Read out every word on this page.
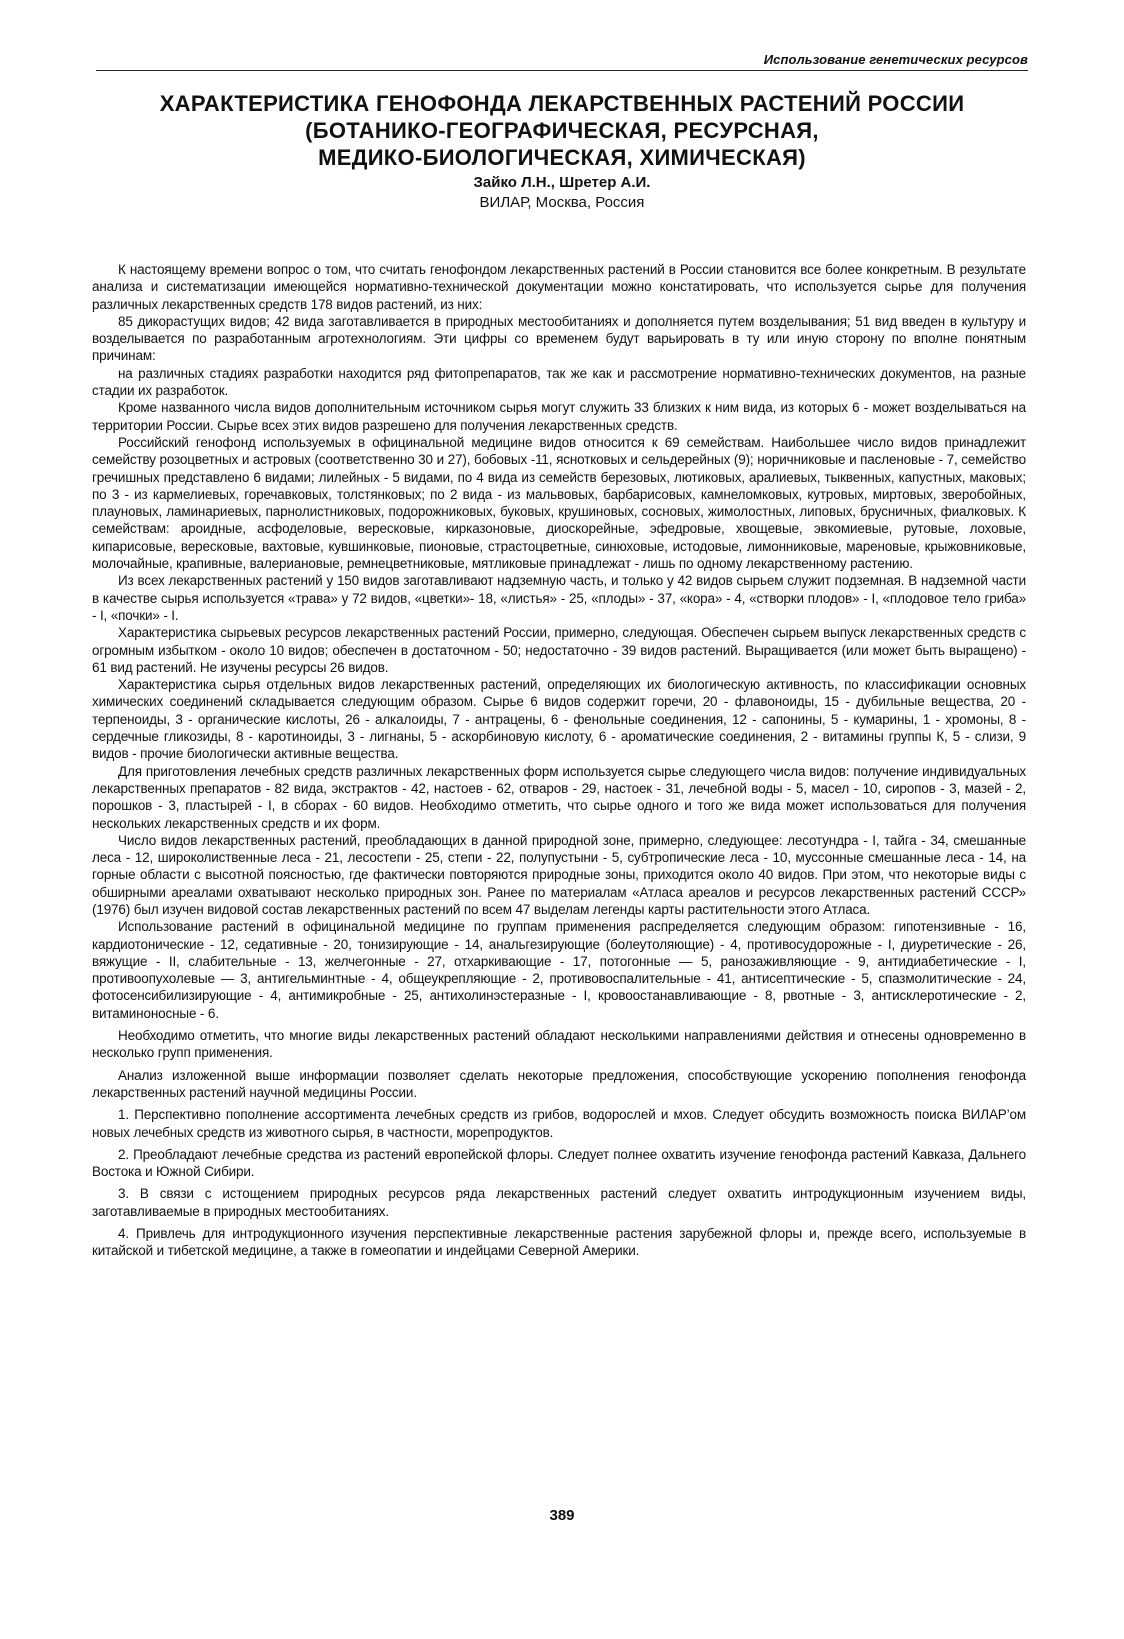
Использование генетических ресурсов
ХАРАКТЕРИСТИКА ГЕНОФОНДА ЛЕКАРСТВЕННЫХ РАСТЕНИЙ РОССИИ
(БОТАНИКО-ГЕОГРАФИЧЕСКАЯ, РЕСУРСНАЯ,
МЕДИКО-БИОЛОГИЧЕСКАЯ, ХИМИЧЕСКАЯ)
Зайко Л.Н., Шретер А.И.
ВИЛАР, Москва, Россия

К настоящему времени вопрос о том, что считать генофондом лекарственных растений в России становится все более конкретным. В результате анализа и систематизации имеющейся нормативно-технической документации можно констатировать, что используется сырье для получения различных лекарственных средств 178 видов растений, из них:

85 дикорастущих видов; 42 вида заготавливается в природных местообитаниях и дополняется путем возделывания; 51 вид введен в культуру и возделывается по разработанным агротехнологиям. Эти цифры со временем будут варьировать в ту или иную сторону по вполне понятным причинам:

на различных стадиях разработки находится ряд фитопрепаратов, так же как и рассмотрение нормативно-технических документов, на разные стадии их разработок.

Кроме названного числа видов дополнительным источником сырья могут служить 33 близких к ним вида, из которых 6 - может возделываться на территории России. Сырье всех этих видов разрешено для получения лекарственных средств.

Российский генофонд используемых в официнальной медицине видов относится к 69 семействам. Наибольшее число видов принадлежит семейству розоцветных и астровых (соответственно 30 и 27), бобовых -11, яснотковых и сельдерейных (9); норичниковые и пасленовые - 7, семейство гречишных представлено 6 видами; лилейных - 5 видами, по 4 вида из семейств березовых, лютиковых, аралиевых, тыквенных, капустных, маковых; по 3 - из кармелиевых, горечавковых, толстянковых; по 2 вида - из мальвовых, барбарисовых, камнеломковых, кутровых, миртовых, зверобойных, плауновых, ламинариевых, парнолистниковых, подорожниковых, буковых, крушиновых, сосновых, жимолостных, липовых, брусничных, фиалковых. К семействам: ароидные, асфоделовые, вересковые, кирказоновые, диоскорейные, эфедровые, хвощевые, эвкомиевые, рутовые, лоховые, кипарисовые, вересковые, вахтовые, кувшинковые, пионовые, страстоцветные, синюховые, истодовые, лимонниковые, мареновые, крыжовниковые, молочайные, крапивные, валериановые, ремнецветниковые, мятликовые принадлежат - лишь по одному лекарственному растению.

Из всех лекарственных растений у 150 видов заготавливают надземную часть, и только у 42 видов сырьем служит подземная. В надземной части в качестве сырья используется «трава» у 72 видов, «цветки»- 18, «листья» - 25, «плоды» - 37, «кора» - 4, «створки плодов» - I, «плодовое тело гриба» - I, «почки» - I.

Характеристика сырьевых ресурсов лекарственных растений России, примерно, следующая. Обеспечен сырьем выпуск лекарственных средств с огромным избытком - около 10 видов; обеспечен в достаточном - 50; недостаточно - 39 видов растений. Выращивается (или может быть выращено) - 61 вид растений. Не изучены ресурсы 26 видов.

Характеристика сырья отдельных видов лекарственных растений, определяющих их биологическую активность, по классификации основных химических соединений складывается следующим образом. Сырье 6 видов содержит горечи, 20 - флавоноиды, 15 - дубильные вещества, 20 - терпеноиды, 3 - органические кислоты, 26 - алкалоиды, 7 - антрацены, 6 - фенольные соединения, 12 - сапонины, 5 - кумарины, 1 - хромоны, 8 - сердечные гликозиды, 8 - каротиноиды, 3 - лигнаны, 5 - аскорбиновую кислоту, 6 - ароматические соединения, 2 - витамины группы К, 5 - слизи, 9 видов - прочие биологически активные вещества.

Для приготовления лечебных средств различных лекарственных форм используется сырье следующего числа видов: получение индивидуальных лекарственных препаратов - 82 вида, экстрактов - 42, настоев - 62, отваров - 29, настоек - 31, лечебной воды - 5, масел - 10, сиропов - 3, мазей - 2, порошков - 3, пластырей - I, в сборах - 60 видов. Необходимо отметить, что сырье одного и того же вида может использоваться для получения нескольких лекарственных средств и их форм.

Число видов лекарственных растений, преобладающих в данной природной зоне, примерно, следующее: лесотундра - I, тайга - 34, смешанные леса - 12, широколиственные леса - 21, лесостепи - 25, степи - 22, полупустыни - 5, субтропические леса - 10, муссонные смешанные леса - 14, на горные области с высотной поясностью, где фактически повторяются природные зоны, приходится около 40 видов. При этом, что некоторые виды с обширными ареалами охватывают несколько природных зон. Ранее по материалам «Атласа ареалов и ресурсов лекарственных растений СССР» (1976) был изучен видовой состав лекарственных растений по всем 47 выделам легенды карты растительности этого Атласа.

Использование растений в официнальной медицине по группам применения распределяется следующим образом: гипотензивные - 16, кардиотонические - 12, седативные - 20, тонизирующие - 14, анальгезирующие (болеутоляющие) - 4, противосудорожные - I, диуретические - 26, вяжущие - II, слабительные - 13, желчегонные - 27, отхаркивающие - 17, потогонные — 5, ранозаживляющие - 9, антидиабетические - I, противоопухолевые — 3, антигельминтные - 4, общеукрепляющие - 2, противовоспалительные - 41, антисептические - 5, спазмолитические - 24, фотосенсибилизирующие - 4, антимикробные - 25, антихолинэстеразные - I, кровоостанавливающие - 8, рвотные - 3, антисклеротические - 2, витаминоносные - 6.

Необходимо отметить, что многие виды лекарственных растений обладают несколькими направлениями действия и отнесены одновременно в несколько групп применения.

Анализ изложенной выше информации позволяет сделать некоторые предложения, способствующие ускорению пополнения генофонда лекарственных растений научной медицины России.

1. Перспективно пополнение ассортимента лечебных средств из грибов, водорослей и мхов. Следует обсудить возможность поиска ВИЛАР’ом новых лечебных средств из животного сырья, в частности, морепродуктов.

2. Преобладают лечебные средства из растений европейской флоры. Следует полнее охватить изучение генофонда растений Кавказа, Дальнего Востока и Южной Сибири.

3. В связи с истощением природных ресурсов ряда лекарственных растений следует охватить интродукционным изучением виды, заготавливаемые в природных местообитаниях.

4. Привлечь для интродукционного изучения перспективные лекарственные растения зарубежной флоры и, прежде всего, используемые в китайской и тибетской медицине, а также в гомеопатии и индейцами Северной Америки.

389
